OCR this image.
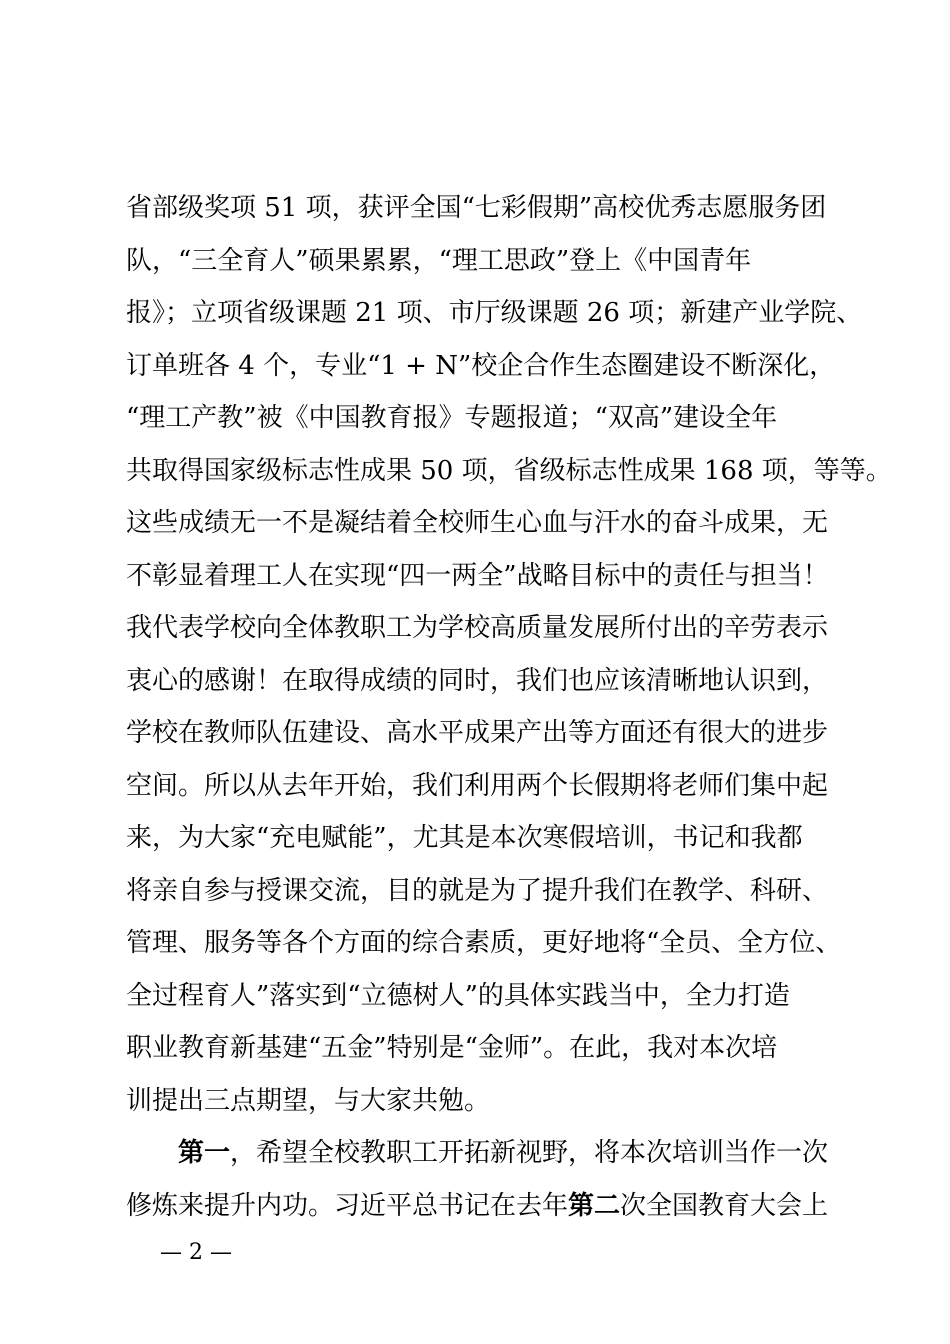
省部级奖项 51 项，获评全国“七彩假期”高校优秀志愿服务团
队，“三全育人”硕果累累，“理工思政”登上《中国青年
报》；立项省级课题 21 项、市厅级课题 26 项；新建产业学院、
订单班各 4 个，专业“1 + N”校企合作生态圈建设不断深化，
“理工产教”被《中国教育报》专题报道；“双高”建设全年
共取得国家级标志性成果 50 项，省级标志性成果 168 项，等等。
这些成绩无一不是凝结着全校师生心血与汗水的奋斗成果，无
不彰显着理工人在实现“四一两全”战略目标中的责任与担当！
我代表学校向全体教职工为学校高质量发展所付出的辛劳表示
衷心的感谢！在取得成绩的同时，我们也应该清晰地认识到，
学校在教师队伍建设、高水平成果产出等方面还有很大的进步
空间。所以从去年开始，我们利用两个长假期将老师们集中起
来，为大家“充电赋能”，尤其是本次寒假培训，书记和我都
将亲自参与授课交流，目的就是为了提升我们在教学、科研、
管理、服务等各个方面的综合素质，更好地将“全员、全方位、
全过程育人”落实到“立德树人”的具体实践当中，全力打造
职业教育新基建“五金”特别是“金师”。在此，我对本次培
训提出三点期望，与大家共勉。
第一，希望全校教职工开拓新视野，将本次培训当作一次
修炼来提升内功。习近平总书记在去年第二次全国教育大会上
— 2 —
